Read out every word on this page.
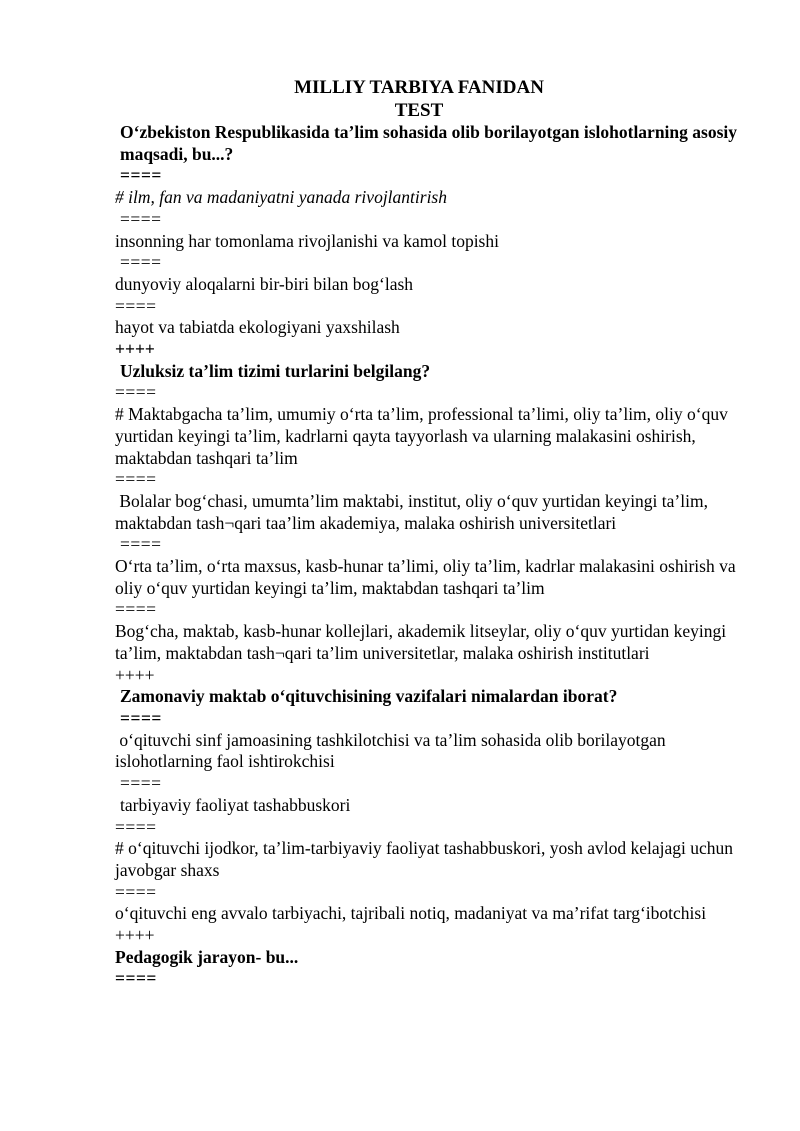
MILLIY TARBIYA FANIDAN
TEST

O‘zbekiston Respublikasida ta’lim sohasida olib borilayotgan islohotlarning asosiy maqsadi, bu...?

====

# ilm, fan va madaniyatni yanada rivojlantirish

====

insonning har tomonlama rivojlanishi va kamol topishi

====

dunyoviy aloqalarni bir-biri bilan bog‘lash

====

hayot va tabiatda ekologiyani yaxshilash

++++

Uzluksiz ta’lim tizimi turlarini belgilang?

====

# Maktabgacha ta’lim, umumiy o‘rta ta’lim, professional ta’limi, oliy ta’lim, oliy o‘quv yurtidan keyingi ta’lim, kadrlarni qayta tayyorlash va ularning malakasini oshirish, maktabdan tashqari ta’lim

====

Bolalar bog‘chasi, umumta’lim maktabi, institut, oliy o‘quv yurtidan keyingi ta’lim, maktabdan tash¬qari taa’lim akademiya, malaka oshirish universitetlari

====

O‘rta ta’lim, o‘rta maxsus, kasb-hunar ta’limi, oliy ta’lim, kadrlar malakasini oshirish va oliy o‘quv yurtidan keyingi ta’lim, maktabdan tashqari ta’lim

====

Bog‘cha, maktab, kasb-hunar kollejlari, akademik litseylar, oliy o‘quv yurtidan keyingi ta’lim, maktabdan tash¬qari ta’lim universitetlar, malaka oshirish institutlari

++++

Zamonaviy maktab o‘qituvchisining vazifalari nimalardan iborat?

====

o‘qituvchi sinf jamoasining tashkilotchisi va ta’lim sohasida olib borilayotgan islohotlarning faol ishtirokchisi

====

tarbiyaviy faoliyat tashabbuskori

====

# o‘qituvchi ijodkor, ta’lim-tarbiyaviy faoliyat tashabbuskori, yosh avlod kelajagi uchun javobgar shaxs

====

o‘qituvchi eng avvalo tarbiyachi, tajribali notiq, madaniyat va ma’rifat targ‘ibotchisi

++++

Pedagogik jarayon- bu...

====
